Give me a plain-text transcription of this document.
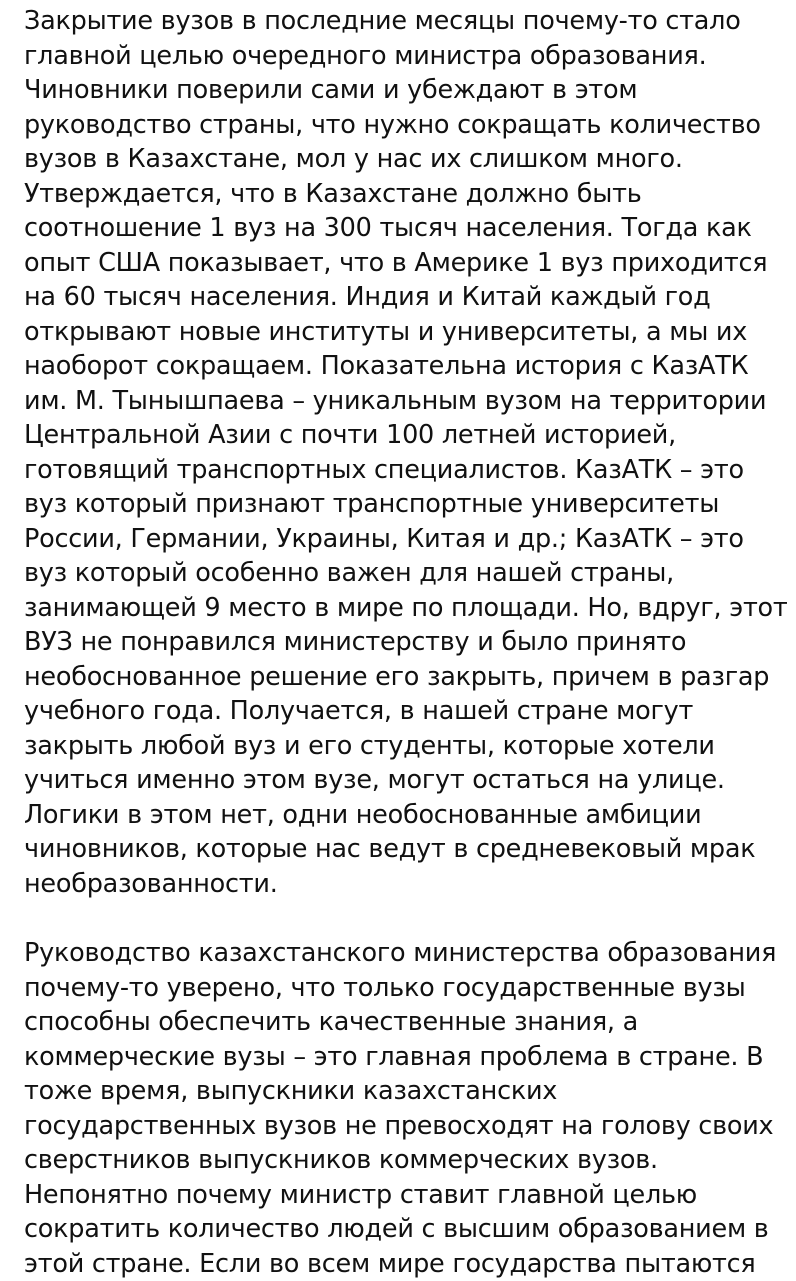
Закрытие вузов в последние месяцы почему-то стало
главной целью очередного министра образования.
Чиновники поверили сами и убеждают в этом
руководство страны, что нужно сокращать количество
вузов в Казахстане, мол у нас их слишком много.
Утверждается, что в Казахстане должно быть
соотношение 1 вуз на 300 тысяч населения. Тогда как
опыт США показывает, что в Америке 1 вуз приходится
на 60 тысяч населения. Индия и Китай каждый год
открывают новые институты и университеты, а мы их
наоборот сокращаем. Показательна история с КазАТК
им. М. Тынышпаева – уникальным вузом на территории
Центральной Азии с почти 100 летней историей,
готовящий транспортных специалистов. КазАТК – это
вуз который признают транспортные университеты
России, Германии, Украины, Китая и др.; КазАТК – это
вуз который особенно важен для нашей страны,
занимающей 9 место в мире по площади. Но, вдруг, этот
ВУЗ не понравился министерству и было принято
необоснованное решение его закрыть, причем в разгар
учебного года. Получается, в нашей стране могут
закрыть любой вуз и его студенты, которые хотели
учиться именно этом вузе, могут остаться на улице.
Логики в этом нет, одни необоснованные амбиции
чиновников, которые нас ведут в средневековый мрак
необразованности.

Руководство казахстанского министерства образования
почему-то уверено, что только государственные вузы
способны обеспечить качественные знания, а
коммерческие вузы – это главная проблема в стране. В
тоже время, выпускники казахстанских
государственных вузов не превосходят на голову своих
сверстников выпускников коммерческих вузов.
Непонятно почему министр ставит главной целью
сократить количество людей с высшим образованием в
этой стране. Если во всем мире государства пытаются
